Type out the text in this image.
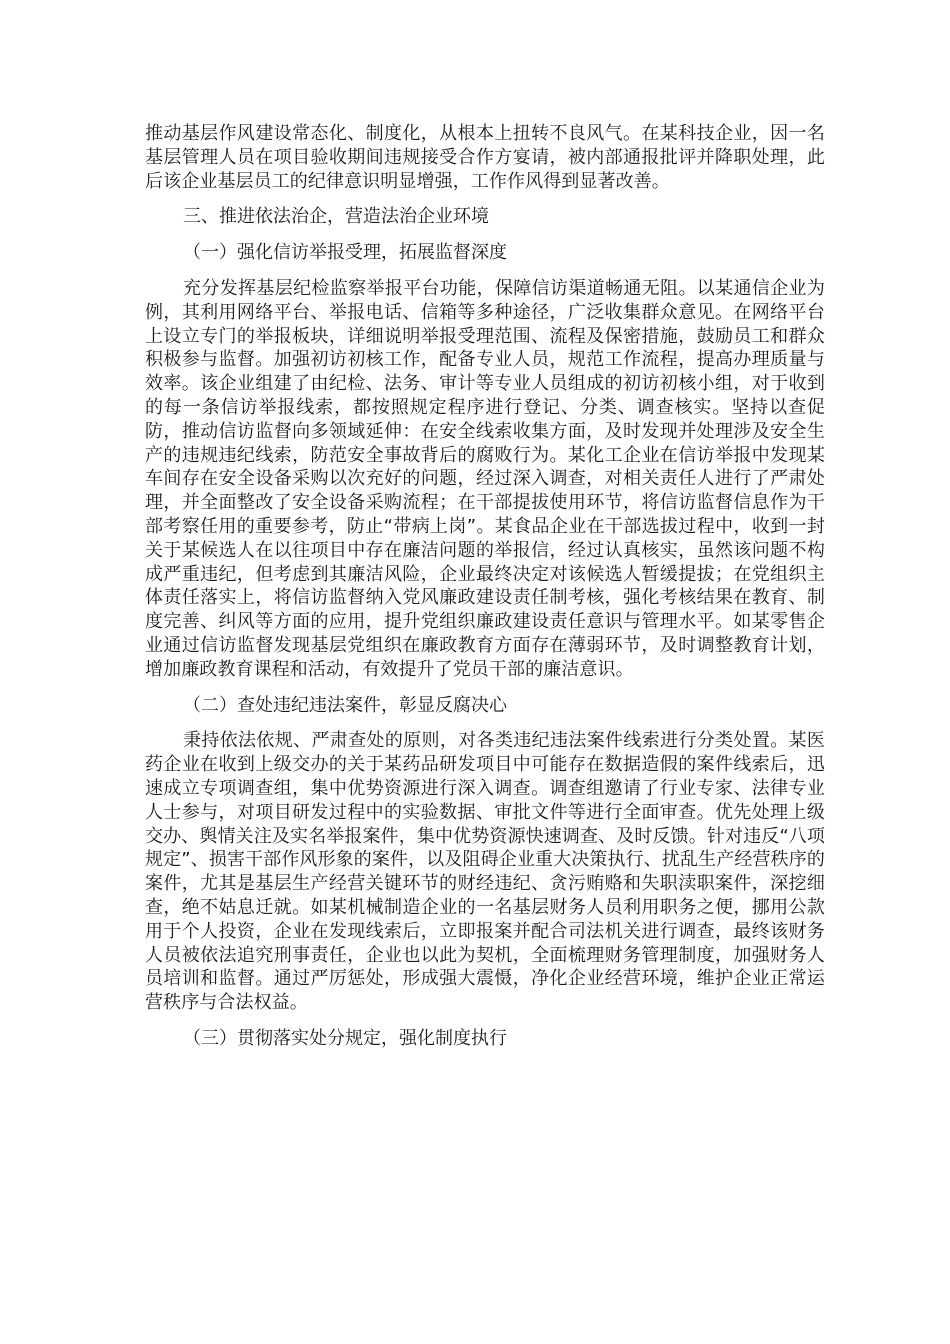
推动基层作风建设常态化、制度化，从根本上扭转不良风气。在某科技企业，因一名基层管理人员在项目验收期间违规接受合作方宴请，被内部通报批评并降职处理，此后该企业基层员工的纪律意识明显增强，工作作风得到显著改善。

三、推进依法治企，营造法治企业环境

（一）强化信访举报受理，拓展监督深度

充分发挥基层纪检监察举报平台功能，保障信访渠道畅通无阻。以某通信企业为例，其利用网络平台、举报电话、信箱等多种途径，广泛收集群众意见。在网络平台上设立专门的举报板块，详细说明举报受理范围、流程及保密措施，鼓励员工和群众积极参与监督。加强初访初核工作，配备专业人员，规范工作流程，提高办理质量与效率。该企业组建了由纪检、法务、审计等专业人员组成的初访初核小组，对于收到的每一条信访举报线索，都按照规定程序进行登记、分类、调查核实。坚持以查促防，推动信访监督向多领域延伸：在安全线索收集方面，及时发现并处理涉及安全生产的违规违纪线索，防范安全事故背后的腐败行为。某化工企业在信访举报中发现某车间存在安全设备采购以次充好的问题，经过深入调查，对相关责任人进行了严肃处理，并全面整改了安全设备采购流程；在干部提拔使用环节，将信访监督信息作为干部考察任用的重要参考，防止“带病上岗”。某食品企业在干部选拔过程中，收到一封关于某候选人在以往项目中存在廉洁问题的举报信，经过认真核实，虽然该问题不构成严重违纪，但考虑到其廉洁风险，企业最终决定对该候选人暂缓提拔；在党组织主体责任落实上，将信访监督纳入党风廉政建设责任制考核，强化考核结果在教育、制度完善、纠风等方面的应用，提升党组织廉政建设责任意识与管理水平。如某零售企业通过信访监督发现基层党组织在廉政教育方面存在薄弱环节，及时调整教育计划，增加廉政教育课程和活动，有效提升了党员干部的廉洁意识。

（二）查处违纪违法案件，彰显反腐决心

秉持依法依规、严肃查处的原则，对各类违纪违法案件线索进行分类处置。某医药企业在收到上级交办的关于某药品研发项目中可能存在数据造假的案件线索后，迅速成立专项调查组，集中优势资源进行深入调查。调查组邀请了行业专家、法律专业人士参与，对项目研发过程中的实验数据、审批文件等进行全面审查。优先处理上级交办、舆情关注及实名举报案件，集中优势资源快速调查、及时反馈。针对违反“八项规定”、损害干部作风形象的案件，以及阻碍企业重大决策执行、扰乱生产经营秩序的案件，尤其是基层生产经营关键环节的财经违纪、贪污贿赂和失职渎职案件，深挖细查，绝不姑息迁就。如某机械制造企业的一名基层财务人员利用职务之便，挪用公款用于个人投资，企业在发现线索后，立即报案并配合司法机关进行调查，最终该财务人员被依法追究刑事责任，企业也以此为契机，全面梳理财务管理制度，加强财务人员培训和监督。通过严厉惩处，形成强大震慑，净化企业经营环境，维护企业正常运营秩序与合法权益。

（三）贯彻落实处分规定，强化制度执行
